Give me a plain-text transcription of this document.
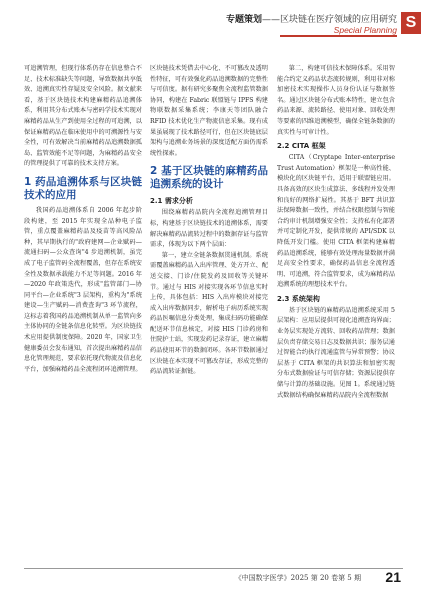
专题策划——区块链在医疗领域的应用研究
Special Planning S

可追溯管理，但现行体系仍存在信息整合不足、技术标准缺失等问题，导致数据共享低效、追溯真实性存疑及安全风险。据文献来看，基于区块链技术构建麻精药品追溯体系，利用其分布式账本与密码学技术实现对麻精药品从生产到使用全过程的可追溯，以保证麻精药品在临床使用中的可溯源性与安全性，可有效解决当前麻精药品追溯数据孤岛、监管效能不足等问题，为麻精药品安全的管理提供了可靠的技术支持方案。

1 药品追溯体系与区块链技术的应用

我国药品追溯体系自 2006 年起步阶段构建，至 2015 年实现全品种电子监管，重点覆盖麻精药品及疫苗等高风险品种，其早期执行的"政府建网—企业赋码—流通扫码—公众查询"4 步追溯机制，虽完成了电子监管码全流程覆盖，但存在系统安全性及数据承载能力不足等问题。2016 年—2020 年政策迭代，形成"监管部门—协同平台—企业系统"3 层架构，重构为"系统建设—生产赋码—消费查询"3 环节流程，这标志着我国药品追溯机制从单一监管向多主体协同的全链条信息化转型。为区块链技术应用提供制度保障。2020 年，国家卫生健康委员会发布通知，首次提出麻精药品信息化管理规范，要求依托现代物流及信息化平台，加强麻精药品全流程闭环追溯管理。

区块链技术凭借去中心化、不可篡改及透明性特征，可有效强化药品追溯数据的完整性与可信度。据有研究多聚焦全流程监管数据协同，构建在 Fabric 联盟链与 IPFS 构建物联数据采集系统；李康天等团队融合 RFID 技术优化生产物流信息采集。现有成果虽展现了技术路径可行，但在区块链底层架构与追溯业务场景的深度适配方面仍需系统性探索。

2 基于区块链的麻精药品追溯系统的设计
2.1 需求分析

围绕麻精药品院内全流程追溯管理目标，构建基于区块链技术的追溯体系，需要解决麻精药品流转过程中的数据存证与监管需求，体现为以下两个层面：

第一，建立全链条数据贯通机制。系统需覆盖麻精药品入出库管理、处方开立、配送交接、门诊/住院发药及回收等关键环节。通过与 HIS 对接实现各环节信息实时上传，具体包括：HIS 入出库模块对接完成入出库数据同步，解析电子病历系统实现药品医嘱信息分类处理，集成扫码功能确保配送环节信息核定，对接 HIS 门诊药房和住院护士站，实现发药记录存证，建立麻精药品使用环节的数据闭环。各环节数据通过区块链在本实现不可篡改存证，形成完整的药品流转证据链。

第二，构建可信技术保障体系。采用智能合约定义药品状态流转规则，利用非对称加密技术实现操作人员身份认证与数据签名。通过区块链分布式账本特性，建立包含药品来源、流转路径、使用对象、回收处理等要素的四维追溯模型，确保全链条数据的真实性与可审计性。

2.2 CITA 框架

CITA（Cryptape Inter-enterprise Trust Automation）框架是一种高性能、模块化的区块链平台，适用于联盟链应用。具备高效的区块生成算法、多线程并发处理和良好的网络扩展性。其基于 BFT 共识算法保障数据一致性，并结合权限控制与智能合约审计机制增强安全性；支持私有化部署并可定制化开发，提供常规的 API/SDK 以降低开发门槛。使用 CITA 框架构建麻精药品追溯系统，能够有效处理海量数据并满足高安全性要求，确保药品信息全流程透明、可追溯，符合监管要求，成为麻精药品追溯系统的理想技术平台。

2.3 系统架构

基于区块链的麻精药品追溯系统采用 5 层架构：应用层提供可视化追溯查询界面；业务层实现处方流转、回收药品管理；数据层负责存储交易日志及数据共识；服务层通过智能合约执行流通监管与异常预警；协议层基于 CITA 框架的共识算法和加密实现分布式数据验证与可信存储；资源层提供存储与计算的基础设施。见图 1。系统通过链式数据结构确保麻精药品院内全流程数据

《中国数字医学》2025 第 20 卷第 5 期 21
